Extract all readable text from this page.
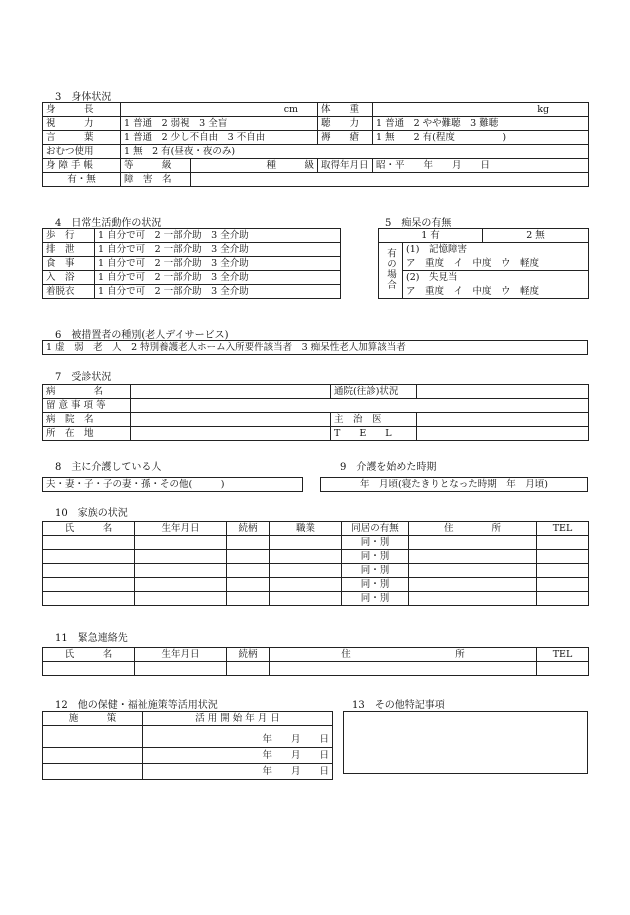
3　身体状況
身　　　長	cm		体　　重	kg
視　　　力	1 普通　2 弱視　3 全盲		聴　　力	1 普通　2 やや難聴　3 難聴
言　　　葉	1 普通　2 少し不自由　3 不自由		褥　　瘡	1 無　　2 有(程度　　　　　)
おむつ使用	1 無　2 有(昼夜・夜のみ)			
身 障 手 帳	等　　　級	種　　　級	取得年月日	昭・平　　年　　月　　日
有・無	障　害　名			
4　日常生活動作の状況
歩　行	1 自分で可　2 一部介助　3 全介助
排　泄	1 自分で可　2 一部介助　3 全介助
食　事	1 自分で可　2 一部介助　3 全介助
入　浴	1 自分で可　2 一部介助　3 全介助
着脱衣	1 自分で可　2 一部介助　3 全介助
5　痴呆の有無
1 有		2 無
有の場合	(1)　記憶障害	
	ア　重度　イ　中度　ウ　軽度	
	(2)　失見当	
	ア　重度　イ　中度　ウ　軽度	
6　被措置者の種別(老人デイサービス)
1 虚　弱　老　人　2 特別養護老人ホーム入所要件該当者　3 痴呆性老人加算該当者
7　受診状況
病　　　　名		通院(往診)状況	
留 意 事 項 等			
病　院　名		主　治　医	
所　在　地		T　　E　　L	
8　主に介護している人
夫・妻・子・子の妻・孫・その他(　　　)
9　介護を始めた時期
年　月頃(寝たきりとなった時期　年　月頃)
10　家族の状況
氏　　　名	生年月日	続柄	職業	同居の有無	住　　　　所	TEL
				同・別		
				同・別		
				同・別		
				同・別		
				同・別		
11　緊急連絡先
氏　　　名	生年月日	続柄	住　　　　　　　　　　　所	TEL

12　他の保健・福祉施策等活用状況
施　　　策	活 用 開 始 年 月 日

	年　　月　　日
	年　　月　　日
	年　　月　　日
13　その他特記事項
